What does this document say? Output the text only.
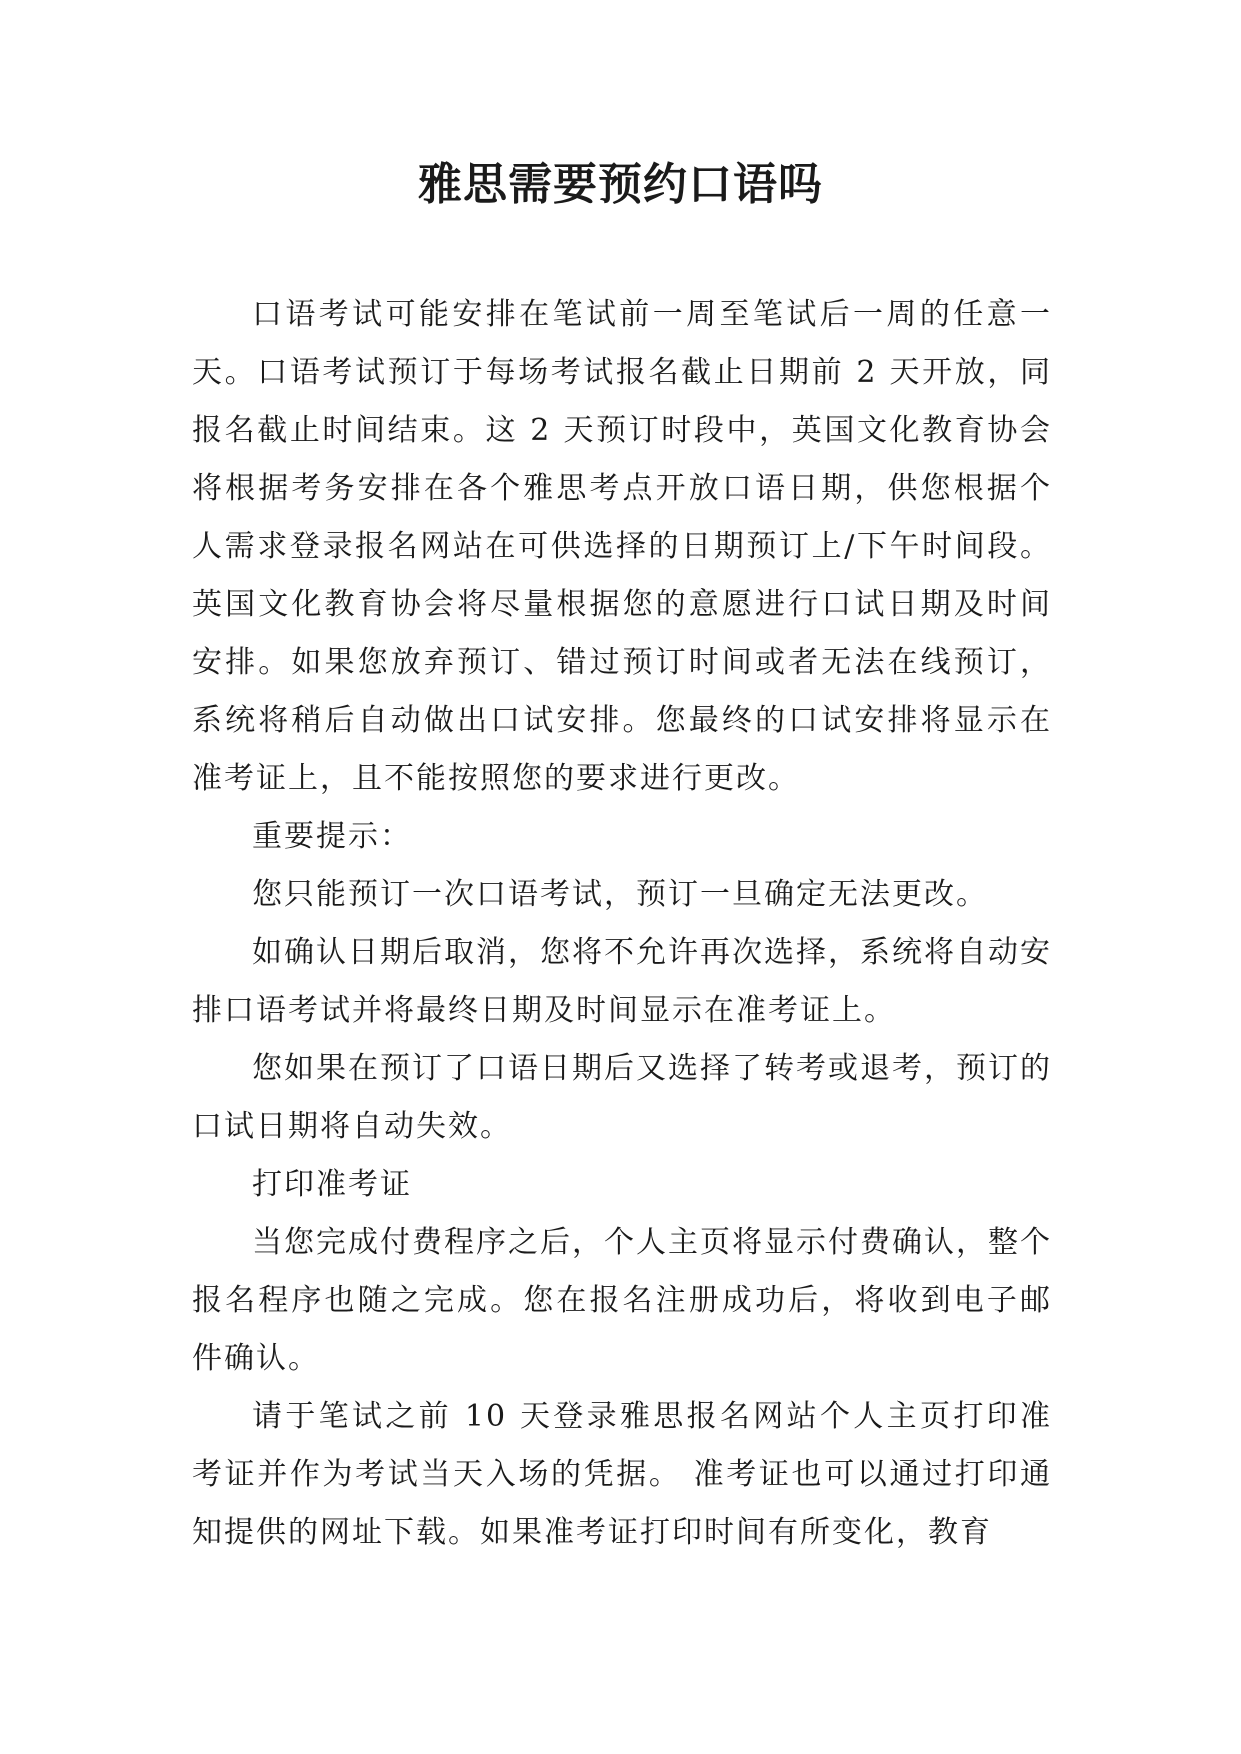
雅思需要预约口语吗

口语考试可能安排在笔试前一周至笔试后一周的任意一天。口语考试预订于每场考试报名截止日期前 2 天开放，同报名截止时间结束。这 2 天预订时段中，英国文化教育协会将根据考务安排在各个雅思考点开放口语日期，供您根据个人需求登录报名网站在可供选择的日期预订上/下午时间段。英国文化教育协会将尽量根据您的意愿进行口试日期及时间安排。如果您放弃预订、错过预订时间或者无法在线预订，系统将稍后自动做出口试安排。您最终的口试安排将显示在准考证上，且不能按照您的要求进行更改。

重要提示：

您只能预订一次口语考试，预订一旦确定无法更改。

如确认日期后取消，您将不允许再次选择，系统将自动安排口语考试并将最终日期及时间显示在准考证上。

您如果在预订了口语日期后又选择了转考或退考，预订的口试日期将自动失效。

打印准考证

当您完成付费程序之后，个人主页将显示付费确认，整个报名程序也随之完成。您在报名注册成功后，将收到电子邮件确认。

请于笔试之前 10 天登录雅思报名网站个人主页打印准考证并作为考试当天入场的凭据。 准考证也可以通过打印通知提供的网址下载。如果准考证打印时间有所变化，教育
